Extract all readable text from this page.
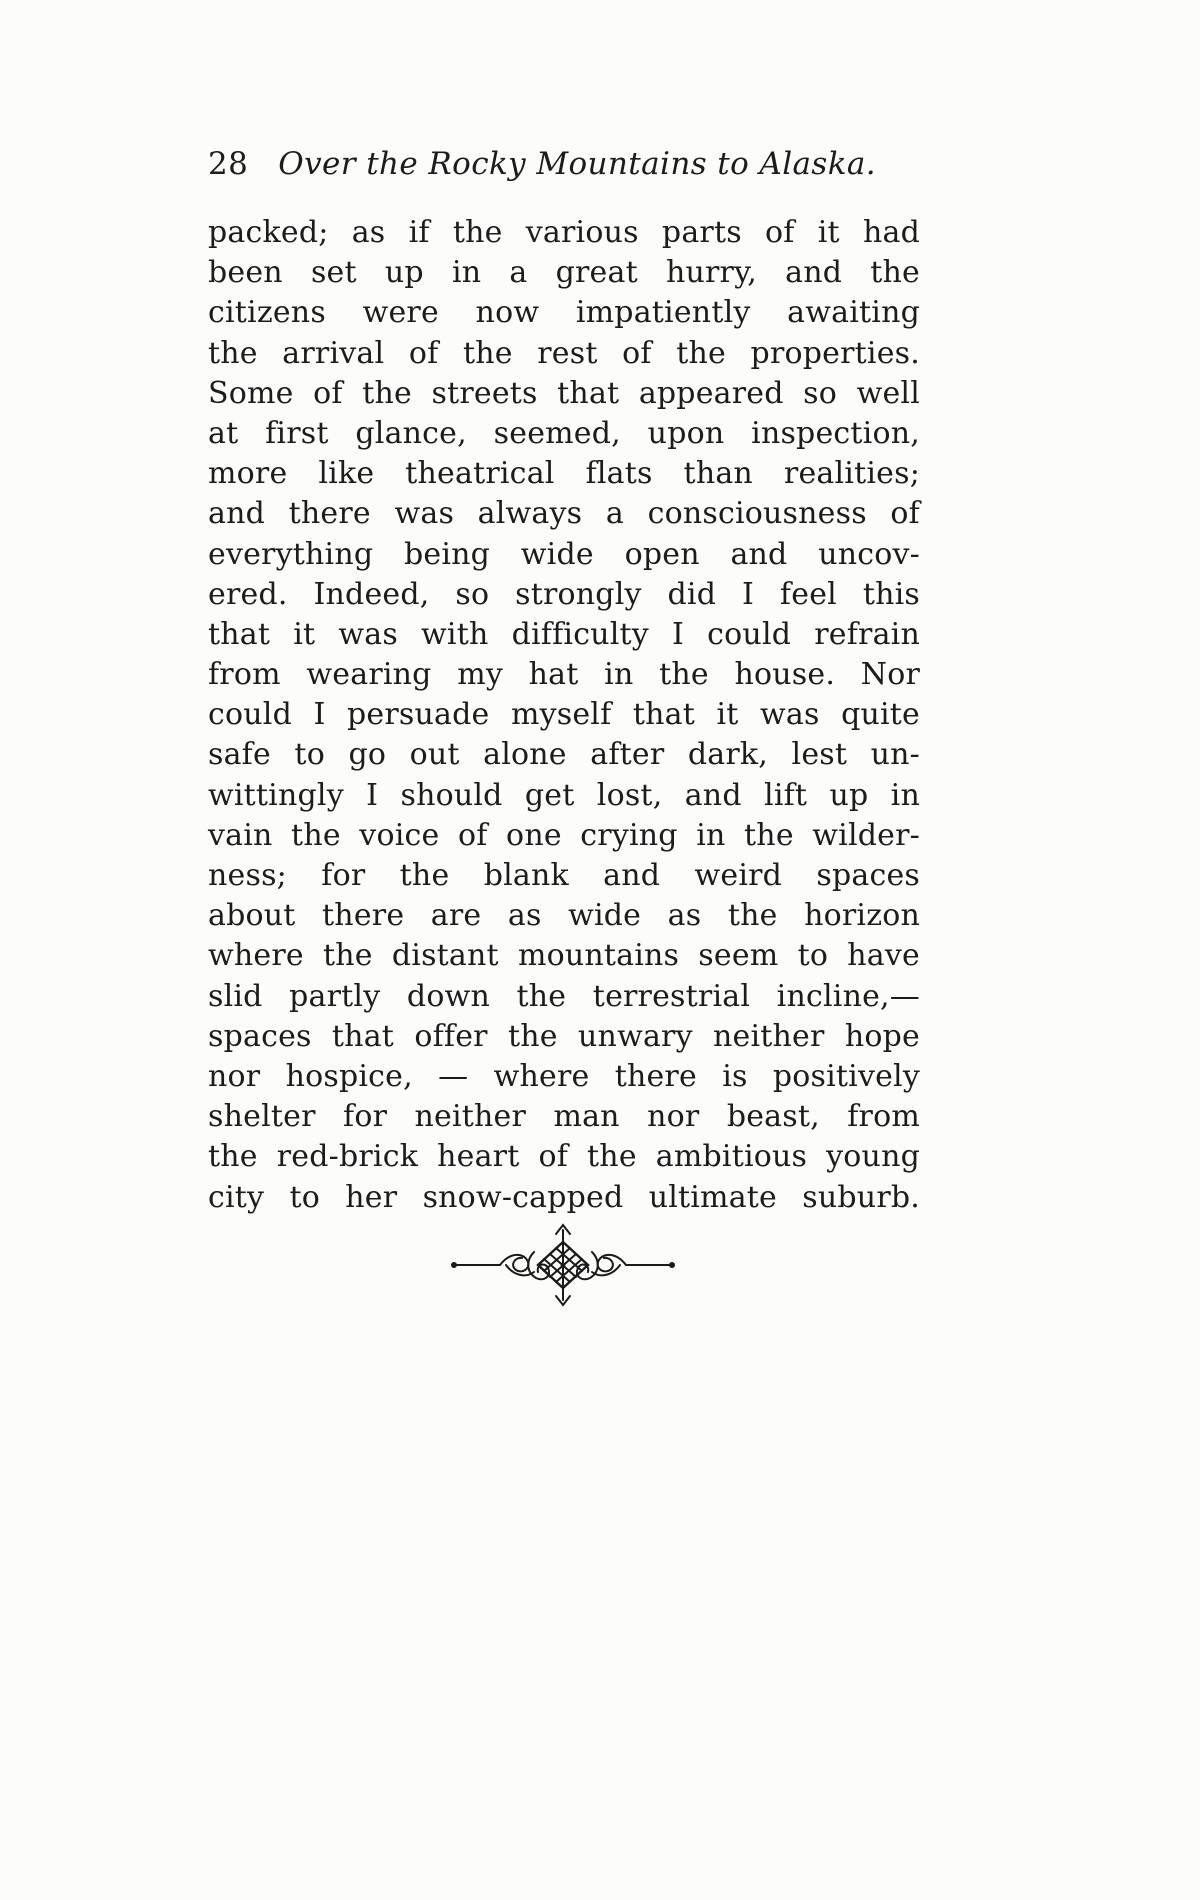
28 Over the Rocky Mountains to Alaska.
packed; as if the various parts of it had
been set up in a great hurry, and the
citizens were now impatiently awaiting
the arrival of the rest of the properties.
Some of the streets that appeared so well
at first glance, seemed, upon inspection,
more like theatrical flats than realities;
and there was always a consciousness of
everything being wide open and uncov-
ered. Indeed, so strongly did I feel this
that it was with difficulty I could refrain
from wearing my hat in the house. Nor
could I persuade myself that it was quite
safe to go out alone after dark, lest un-
wittingly I should get lost, and lift up in
vain the voice of one crying in the wilder-
ness; for the blank and weird spaces
about there are as wide as the horizon
where the distant mountains seem to have
slid partly down the terrestrial incline,—
spaces that offer the unwary neither hope
nor hospice, — where there is positively
shelter for neither man nor beast, from
the red-brick heart of the ambitious young
city to her snow-capped ultimate suburb.
